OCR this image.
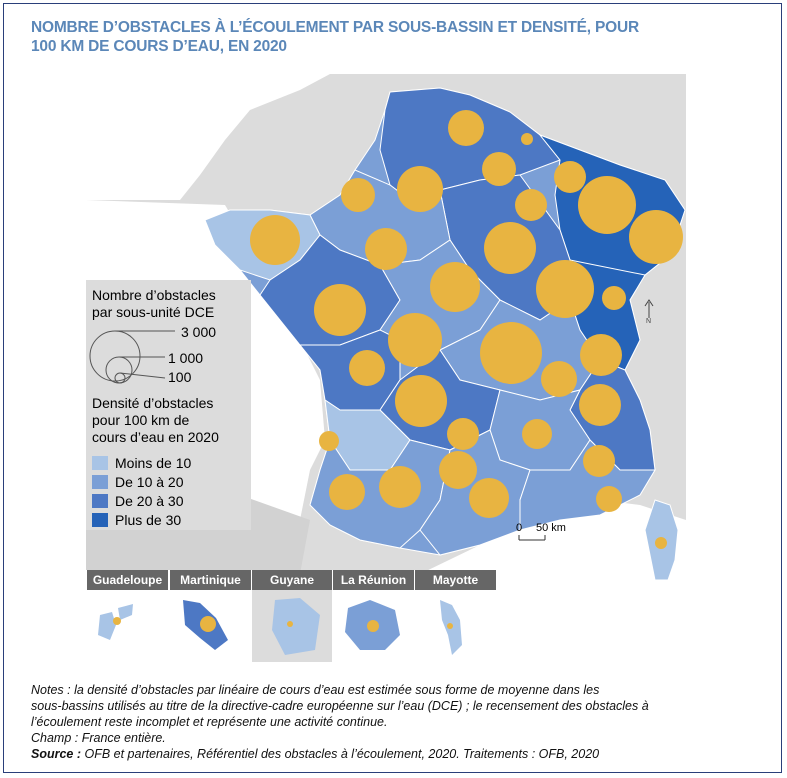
NOMBRE D’OBSTACLES À L’ÉCOULEMENT PAR SOUS-BASSIN ET DENSITÉ, POUR
100 KM DE COURS D’EAU, EN 2020
Nombre d’obstacles
par sous-unité DCE
3 000
1 000
100
Densité d’obstacles
pour 100 km de
cours d’eau en 2020
Moins de 10
De 10 à 20
De 20 à 30
Plus de 30
N
0 50 km
Guadeloupe	Martinique	Guyane	La Réunion	Mayotte
Notes : la densité d’obstacles par linéaire de cours d’eau est estimée sous forme de moyenne dans les
sous-bassins utilisés au titre de la directive-cadre européenne sur l’eau (DCE) ; le recensement des obstacles à
l’écoulement reste incomplet et représente une activité continue.
Champ : France entière.
Source : OFB et partenaires, Référentiel des obstacles à l’écoulement, 2020. Traitements : OFB, 2020
